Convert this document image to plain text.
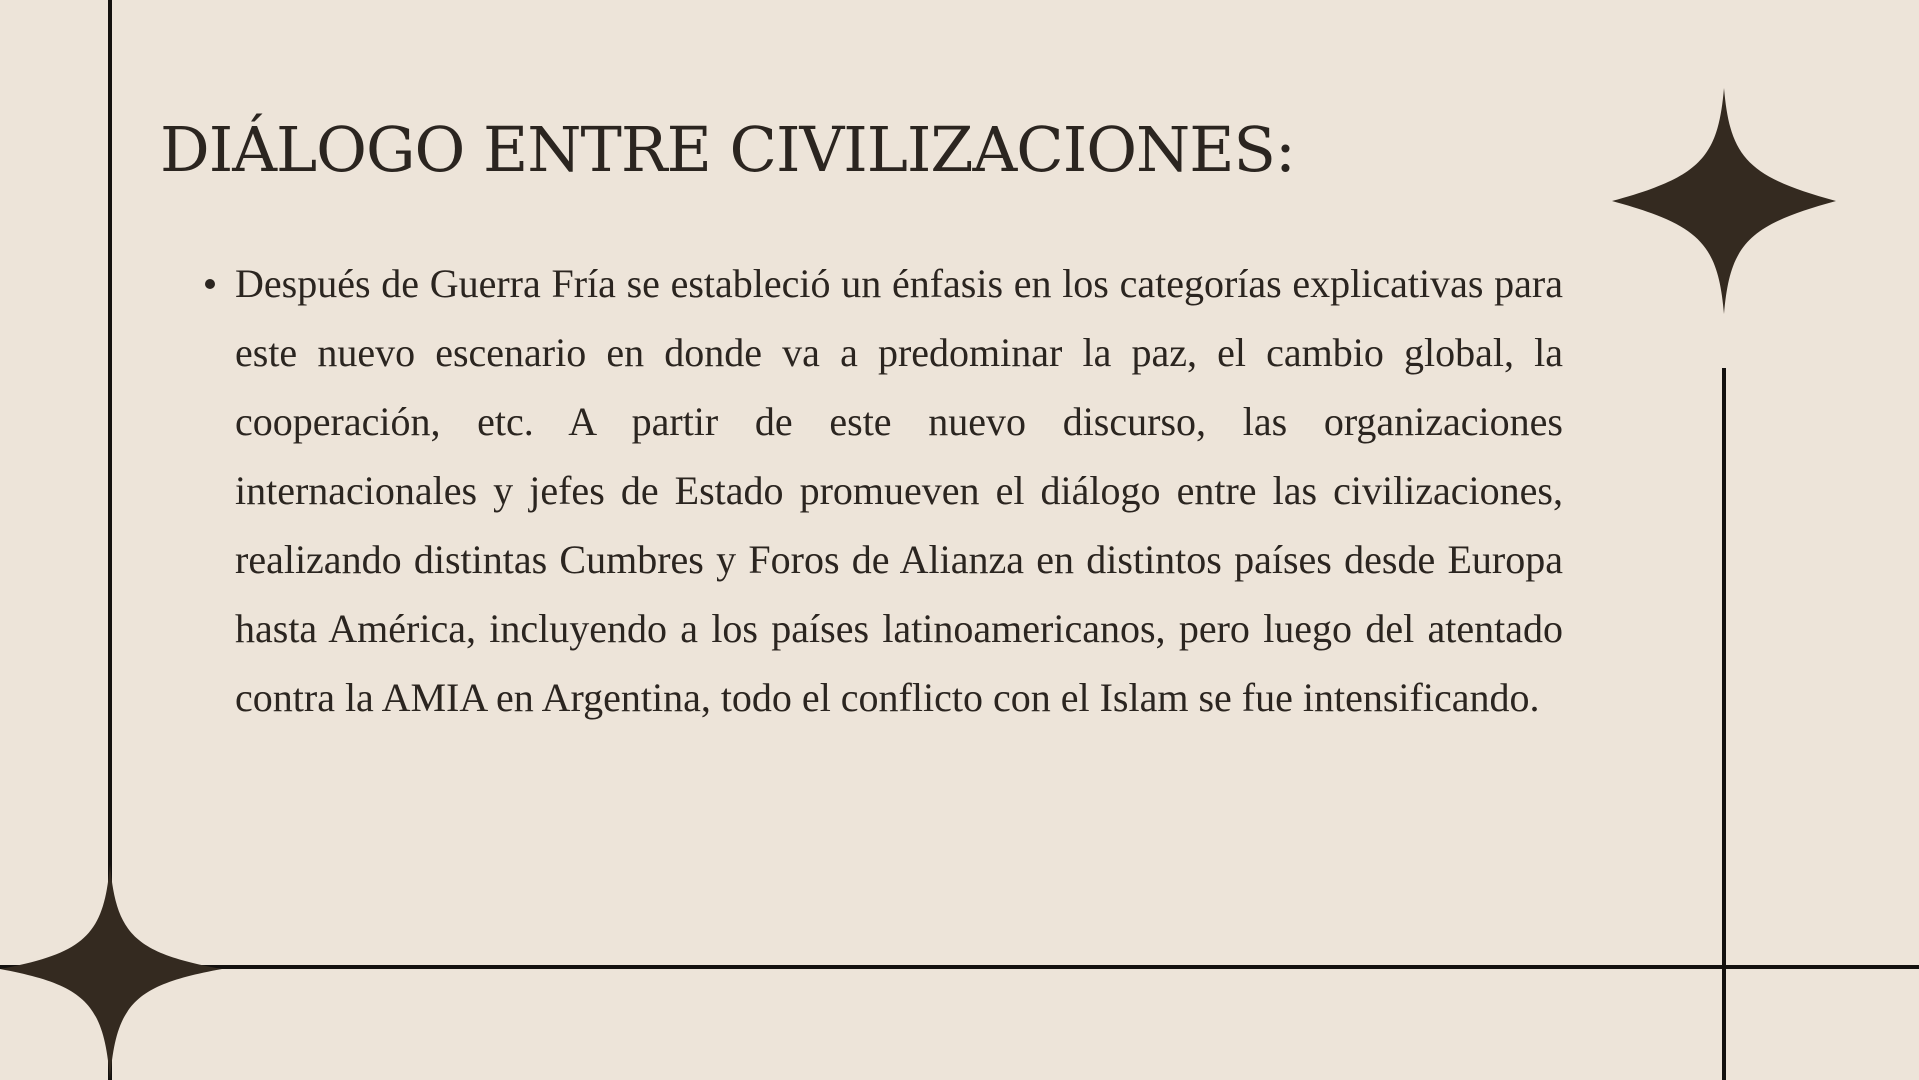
DIÁLOGO ENTRE CIVILIZACIONES:
Después de Guerra Fría se estableció un énfasis en los categorías explicativas para este nuevo escenario en donde va a predominar la paz, el cambio global, la cooperación, etc. A partir de este nuevo discurso, las organizaciones internacionales y jefes de Estado promueven el diálogo entre las civilizaciones, realizando distintas Cumbres y Foros de Alianza en distintos países desde Europa hasta América, incluyendo a los países latinoamericanos, pero luego del atentado contra la AMIA en Argentina, todo el conflicto con el Islam se fue intensificando.
